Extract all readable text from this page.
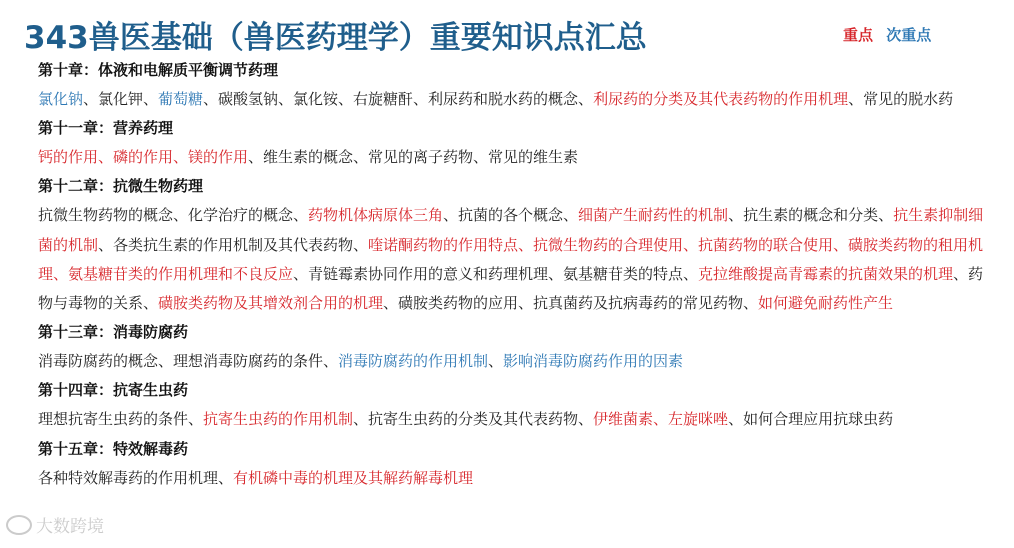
343兽医基础（兽医药理学）重要知识点汇总	重点 次重点
第十章：体液和电解质平衡调节药理

氯化钠、氯化钾、葡萄糖、碳酸氢钠、氯化铵、右旋糖酐、利尿药和脱水药的概念、利尿药的分类及其代表药物的作用机理、常见的脱水药

第十一章：营养药理

钙的作用、磷的作用、镁的作用、维生素的概念、常见的离子药物、常见的维生素

第十二章：抗微生物药理

抗微生物药物的概念、化学治疗的概念、药物机体病原体三角、抗菌的各个概念、细菌产生耐药性的机制、抗生素的概念和分类、抗生素抑制细菌的机制、各类抗生素的作用机制及其代表药物、喹诺酮药物的作用特点、抗微生物药的合理使用、抗菌药物的联合使用、磺胺类药物的租用机理、氨基糖苷类的作用机理和不良反应、青链霉素协同作用的意义和药理机理、氨基糖苷类的特点、克拉维酸提高青霉素的抗菌效果的机理、药物与毒物的关系、磺胺类药物及其增效剂合用的机理、磺胺类药物的应用、抗真菌药及抗病毒药的常见药物、如何避免耐药性产生

第十三章：消毒防腐药

消毒防腐药的概念、理想消毒防腐药的条件、消毒防腐药的作用机制、影响消毒防腐药作用的因素

第十四章：抗寄生虫药

理想抗寄生虫药的条件、抗寄生虫药的作用机制、抗寄生虫药的分类及其代表药物、伊维菌素、左旋咪唑、如何合理应用抗球虫药

第十五章：特效解毒药

各种特效解毒药的作用机理、有机磷中毒的机理及其解药解毒机理

大数跨境
